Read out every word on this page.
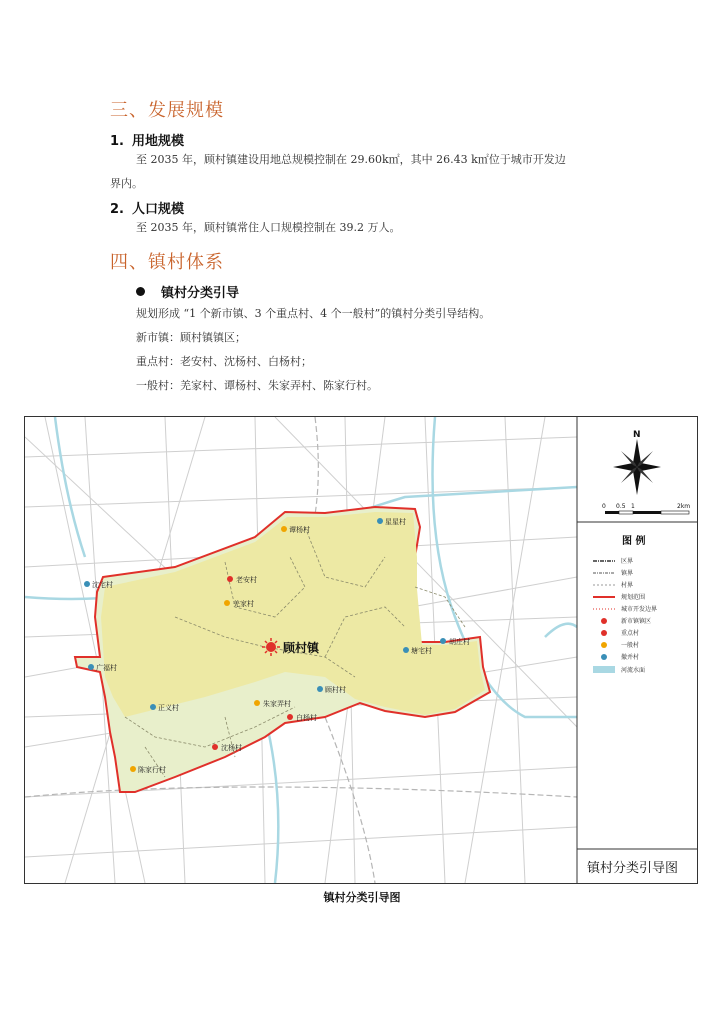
三、发展规模
1. 用地规模
至 2035 年，顾村镇建设用地总规模控制在 29.60k㎡，其中 26.43 k㎡位于城市开发边
界内。
2. 人口规模
至 2035 年，顾村镇常住人口规模控制在 39.2 万人。
四、镇村体系
镇村分类引导
规划形成 “1 个新市镇、3 个重点村、4 个一般村”的镇村分类引导结构。
新市镇：顾村镇镇区；
重点村：老安村、沈杨村、白杨村；
一般村：羌家村、谭杨村、朱家弄村、陈家行村。
顾村镇
谭杨村
星星村
老安村
羌家村
沈宅村
广福村
正义村	朱家弄村
白杨村
顾村村
沈杨村
陈家行村
胡庄村
塘宅村
N
0 0.5 1	2km
图 例
区界
镇界
村界
规划范围
城市开发边界
新市镇镇区
重点村
一般村
撤并村
河流水面
镇村分类引导图
镇村分类引导图
